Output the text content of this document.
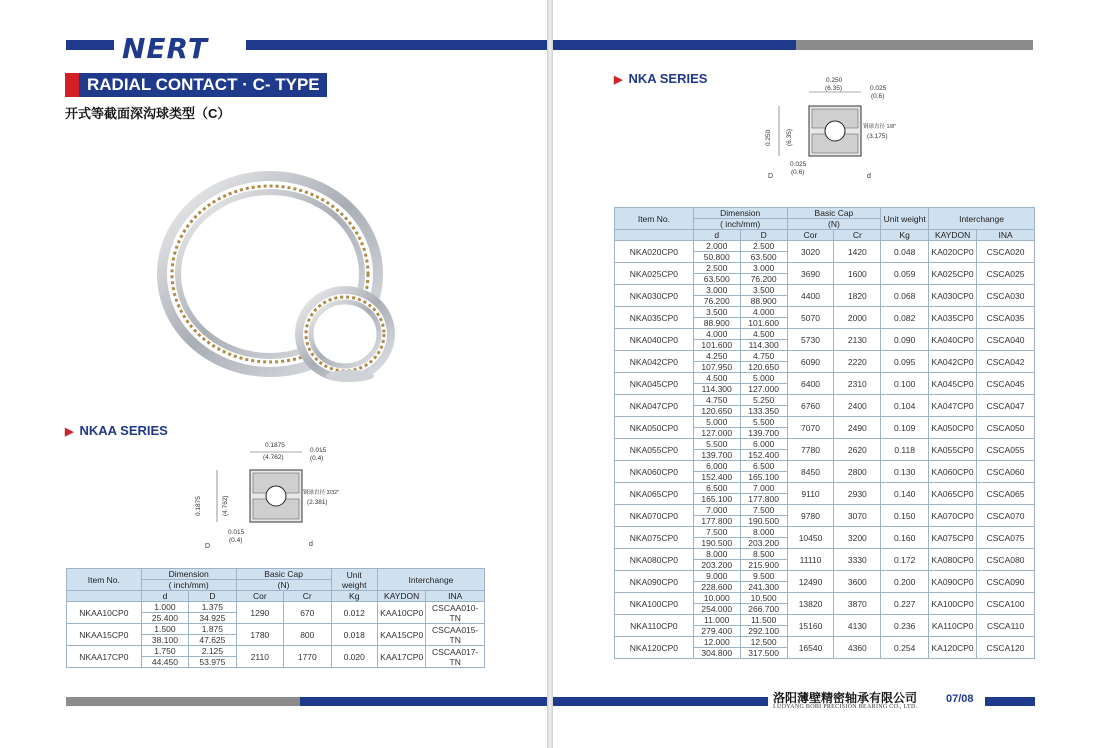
NERT
RADIAL CONTACT · C- TYPE
开式等截面深沟球类型（C）
▶ NKAA SERIES
0.1875
(4.762)
0.015
(0.4)
0.1875	(4.762)
钢球直径 3/32"
(2.381)
0.015
(0.4)
D	d
Item No.	Dimension		Basic Cap		Unit weight	Interchange	
	( inch/mm)		(N)				
	d	D	Cor	Cr	Kg	KAYDON	INA
NKAA10CP0	1.000	1.375	1290	670	0.012	KAA10CP0	CSCAA010-TN
	25.400	34.925					
NKAA15CP0	1.500	1.875	1780	800	0.018	KAA15CP0	CSCAA015-TN
	38.100	47.625					
NKAA17CP0	1.750	2.125	2110	1770	0.020	KAA17CP0	CSCAA017-TN
	44.450	53.975					
▶ NKA SERIES	0.250
(6.35)	0.025
(0.6)
0.250 (6.35)
钢球直径 1/8"
(3.175)
0.025
(0.6)
D	d
Item No.	Dimension		Basic Cap		Unit weight	Interchange	
	( inch/mm)		(N)				
	d	D	Cor	Cr	Kg	KAYDON	INA
NKA020CP0	2.000	2.500	3020	1420	0.048	KA020CP0	CSCA020
	50.800	63.500					
NKA025CP0	2.500	3.000	3690	1600	0.059	KA025CP0	CSCA025
	63.500	76.200					
NKA030CP0	3.000	3.500	4400	1820	0.068	KA030CP0	CSCA030
	76.200	88.900					
NKA035CP0	3.500	4.000	5070	2000	0.082	KA035CP0	CSCA035
	88.900	101.600					
NKA040CP0	4.000	4.500	5730	2130	0.090	KA040CP0	CSCA040
	101.600	114.300					
NKA042CP0	4.250	4.750	6090	2220	0.095	KA042CP0	CSCA042
	107.950	120.650					
NKA045CP0	4.500	5.000	6400	2310	0.100	KA045CP0	CSCA045
	114.300	127.000					
NKA047CP0	4.750	5.250	6760	2400	0.104	KA047CP0	CSCA047
	120.650	133.350					
NKA050CP0	5.000	5.500	7070	2490	0.109	KA050CP0	CSCA050
	127.000	139.700					
NKA055CP0	5.500	6.000	7780	2620	0.118	KA055CP0	CSCA055
	139.700	152.400					
NKA060CP0	6.000	6.500	8450	2800	0.130	KA060CP0	CSCA060
	152.400	165.100					
NKA065CP0	6.500	7.000	9110	2930	0.140	KA065CP0	CSCA065
	165.100	177.800					
NKA070CP0	7.000	7.500	9780	3070	0.150	KA070CP0	CSCA070
	177.800	190.500					
NKA075CP0	7.500	8.000	10450	3200	0.160	KA075CP0	CSCA075
	190.500	203.200					
NKA080CP0	8.000	8.500	11110	3330	0.172	KA080CP0	CSCA080
	203.200	215.900					
NKA090CP0	9.000	9.500	12490	3600	0.200	KA090CP0	CSCA090
	228.600	241.300					
NKA100CP0	10.000	10.500	13820	3870	0.227	KA100CP0	CSCA100
	254.000	266.700					
NKA110CP0	11.000	11.500	15160	4130	0.236	KA110CP0	CSCA110
	279.400	292.100					
NKA120CP0	12.000	12.500	16540	4360	0.254	KA120CP0	CSCA120
	304.800	317.500					
洛阳薄壁精密轴承有限公司
LUOYANG BOBI PRECISION BEARING CO., LTD.
07/08
